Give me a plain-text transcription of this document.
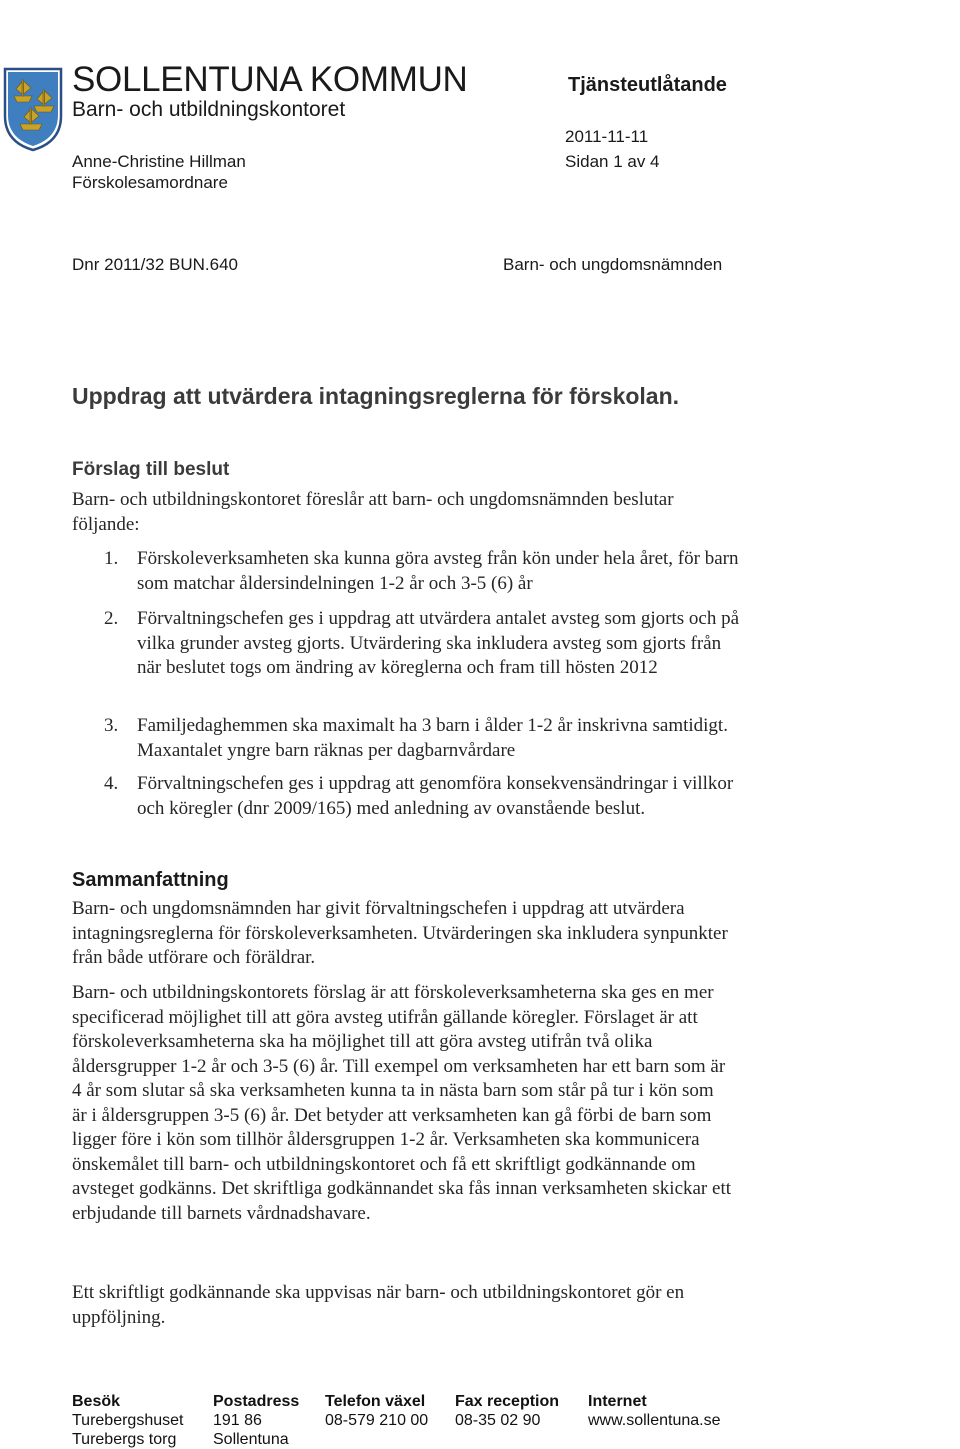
SOLLENTUNA KOMMUN
Barn- och utbildningskontoret
Tjänsteutlåtande
2011-11-11
Anne-Christine Hillman	Sidan 1 av 4
Förskolesamordnare
Dnr 2011/32 BUN.640	Barn- och ungdomsnämnden
Uppdrag att utvärdera intagningsreglerna för förskolan.
Förslag till beslut
Barn- och utbildningskontoret föreslår att barn- och ungdomsnämnden beslutar följande:
1. Förskoleverksamheten ska kunna göra avsteg från kön under hela året, för barn som matchar åldersindelningen 1-2 år och 3-5 (6) år
2. Förvaltningschefen ges i uppdrag att utvärdera antalet avsteg som gjorts och på vilka grunder avsteg gjorts. Utvärdering ska inkludera avsteg som gjorts från när beslutet togs om ändring av köreglerna och fram till hösten 2012
3. Familjedaghemmen ska maximalt ha 3 barn i ålder 1-2 år inskrivna samtidigt. Maxantalet yngre barn räknas per dagbarnvårdare
4. Förvaltningschefen ges i uppdrag att genomföra konsekvensändringar i villkor och köregler (dnr 2009/165) med anledning av ovanstående beslut.
Sammanfattning
Barn- och ungdomsnämnden har givit förvaltningschefen i uppdrag att utvärdera intagningsreglerna för förskoleverksamheten. Utvärderingen ska inkludera synpunkter från både utförare och föräldrar.
Barn- och utbildningskontorets förslag är att förskoleverksamheterna ska ges en mer specificerad möjlighet till att göra avsteg utifrån gällande köregler. Förslaget är att förskoleverksamheterna ska ha möjlighet till att göra avsteg utifrån två olika åldersgrupper 1-2 år och 3-5 (6) år. Till exempel om verksamheten har ett barn som är 4 år som slutar så ska verksamheten kunna ta in nästa barn som står på tur i kön som är i åldersgruppen 3-5 (6) år. Det betyder att verksamheten kan gå förbi de barn som ligger före i kön som tillhör åldersgruppen 1-2 år. Verksamheten ska kommunicera önskemålet till barn- och utbildningskontoret och få ett skriftligt godkännande om avsteget godkänns. Det skriftliga godkännandet ska fås innan verksamheten skickar ett erbjudande till barnets vårdnadshavare.
Ett skriftligt godkännande ska uppvisas när barn- och utbildningskontoret gör en uppföljning.
Besök
Turebergshuset
Turebergs torg
Postadress
191 86
Sollentuna
Telefon växel
08-579 210 00
Fax reception
08-35 02 90
Internet
www.sollentuna.se
